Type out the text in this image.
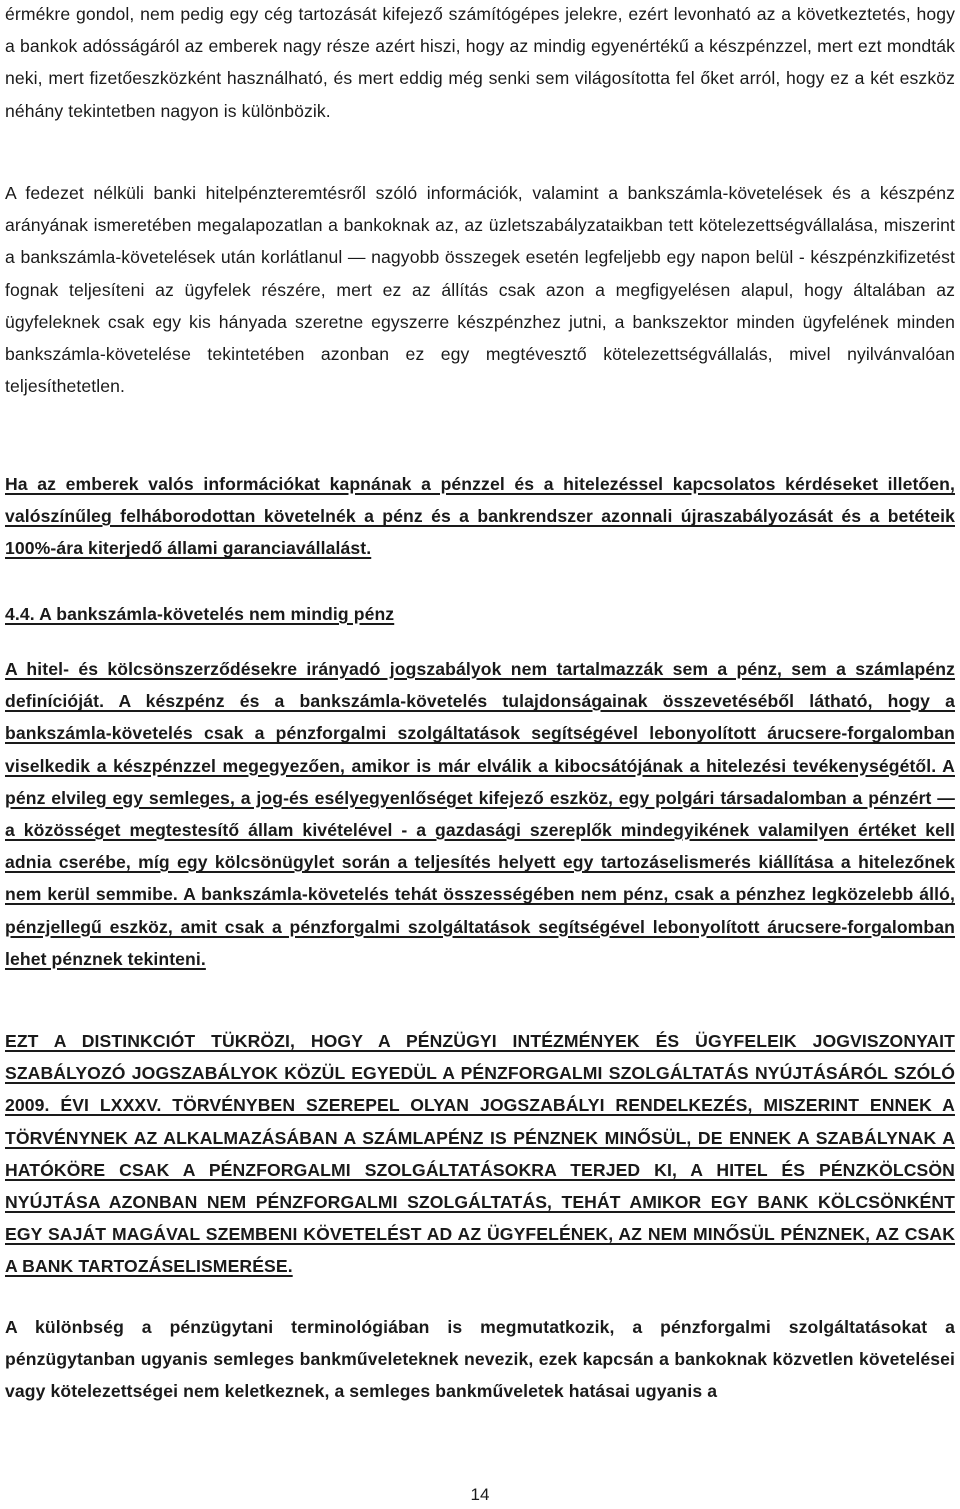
érmékre gondol, nem pedig egy cég tartozását kifejező számítógépes jelekre, ezért levonható az a következtetés, hogy a bankok adósságáról az emberek nagy része azért hiszi, hogy az mindig egyenértékű a készpénzzel, mert ezt mondták neki, mert fizetőeszközként használható, és mert eddig még senki sem világosította fel őket arról, hogy ez a két eszköz néhány tekintetben nagyon is különbözik.

A fedezet nélküli banki hitelpénzteremtésről szóló információk, valamint a bankszámla-követelések és a készpénz arányának ismeretében megalapozatlan a bankoknak az, az üzletszabályzataikban tett kötelezettségvállalása, miszerint a bankszámla-követelések után korlátlanul — nagyobb összegek esetén legfeljebb egy napon belül - készpénzkifizetést fognak teljesíteni az ügyfelek részére, mert ez az állítás csak azon a megfigyelésen alapul, hogy általában az ügyfeleknek csak egy kis hányada szeretne egyszerre készpénzhez jutni, a bankszektor minden ügyfelének minden bankszámla-követelése tekintetében azonban ez egy megtévesztő kötelezettségvállalás, mivel nyilvánvalóan teljesíthetetlen.

Ha az emberek valós információkat kapnának a pénzzel és a hitelezéssel kapcsolatos kérdéseket illetően, valószínűleg felháborodottan követelnék a pénz és a bankrendszer azonnali újraszabályozását és a betéteik 100%-ára kiterjedő állami garanciavállalást.

4.4. A bankszámla-követelés nem mindig pénz

A hitel- és kölcsönszerződésekre irányadó jogszabályok nem tartalmazzák sem a pénz, sem a számlapénz definícióját. A készpénz és a bankszámla-követelés tulajdonságainak összevetéséből látható, hogy a bankszámla-követelés csak a pénzforgalmi szolgáltatások segítségével lebonyolított árucsere-forgalomban viselkedik a készpénzzel megegyezően, amikor is már elválik a kibocsátójának a hitelezési tevékenységétől. A pénz elvileg egy semleges, a jog-és esélyegyenlőséget kifejező eszköz, egy polgári társadalomban a pénzért — a közösséget megtestesítő állam kivételével - a gazdasági szereplők mindegyikének valamilyen értéket kell adnia cserébe, míg egy kölcsönügylet során a teljesítés helyett egy tartozáselismerés kiállítása a hitelezőnek nem kerül semmibe. A bankszámla-követelés tehát összességében nem pénz, csak a pénzhez legközelebb álló, pénzjellegű eszköz, amit csak a pénzforgalmi szolgáltatások segítségével lebonyolított árucsere-forgalomban lehet pénznek tekinteni.

EZT A DISTINKCIÓT TÜKRÖZI, HOGY A PÉNZÜGYI INTÉZMÉNYEK ÉS ÜGYFELEIK JOGVISZONYAIT SZABÁLYOZÓ JOGSZABÁLYOK KÖZÜL EGYEDÜL A PÉNZFORGALMI SZOLGÁLTATÁS NYÚJTÁSÁRÓL SZÓLÓ 2009. ÉVI LXXXV. TÖRVÉNYBEN SZEREPEL OLYAN JOGSZABÁLYI RENDELKEZÉS, MISZERINT ENNEK A TÖRVÉNYNEK AZ ALKALMAZÁSÁBAN A SZÁMLAPÉNZ IS PÉNZNEK MINŐSÜL, DE ENNEK A SZABÁLYNAK A HATÓKÖRE CSAK A PÉNZFORGALMI SZOLGÁLTATÁSOKRA TERJED KI, A HITEL ÉS PÉNZKÖLCSÖN NYÚJTÁSA AZONBAN NEM PÉNZFORGALMI SZOLGÁLTATÁS, TEHÁT AMIKOR EGY BANK KÖLCSÖNKÉNT EGY SAJÁT MAGÁVAL SZEMBENI KÖVETELÉST AD AZ ÜGYFELÉNEK, AZ NEM MINŐSÜL PÉNZNEK, AZ CSAK A BANK TARTOZÁSELISMERÉSE.

A különbség a pénzügytani terminológiában is megmutatkozik, a pénzforgalmi szolgáltatásokat a pénzügytanban ugyanis semleges bankműveleteknek nevezik, ezek kapcsán a bankoknak közvetlen követelései vagy kötelezettségei nem keletkeznek, a semleges bankműveletek hatásai ugyanis a

14
